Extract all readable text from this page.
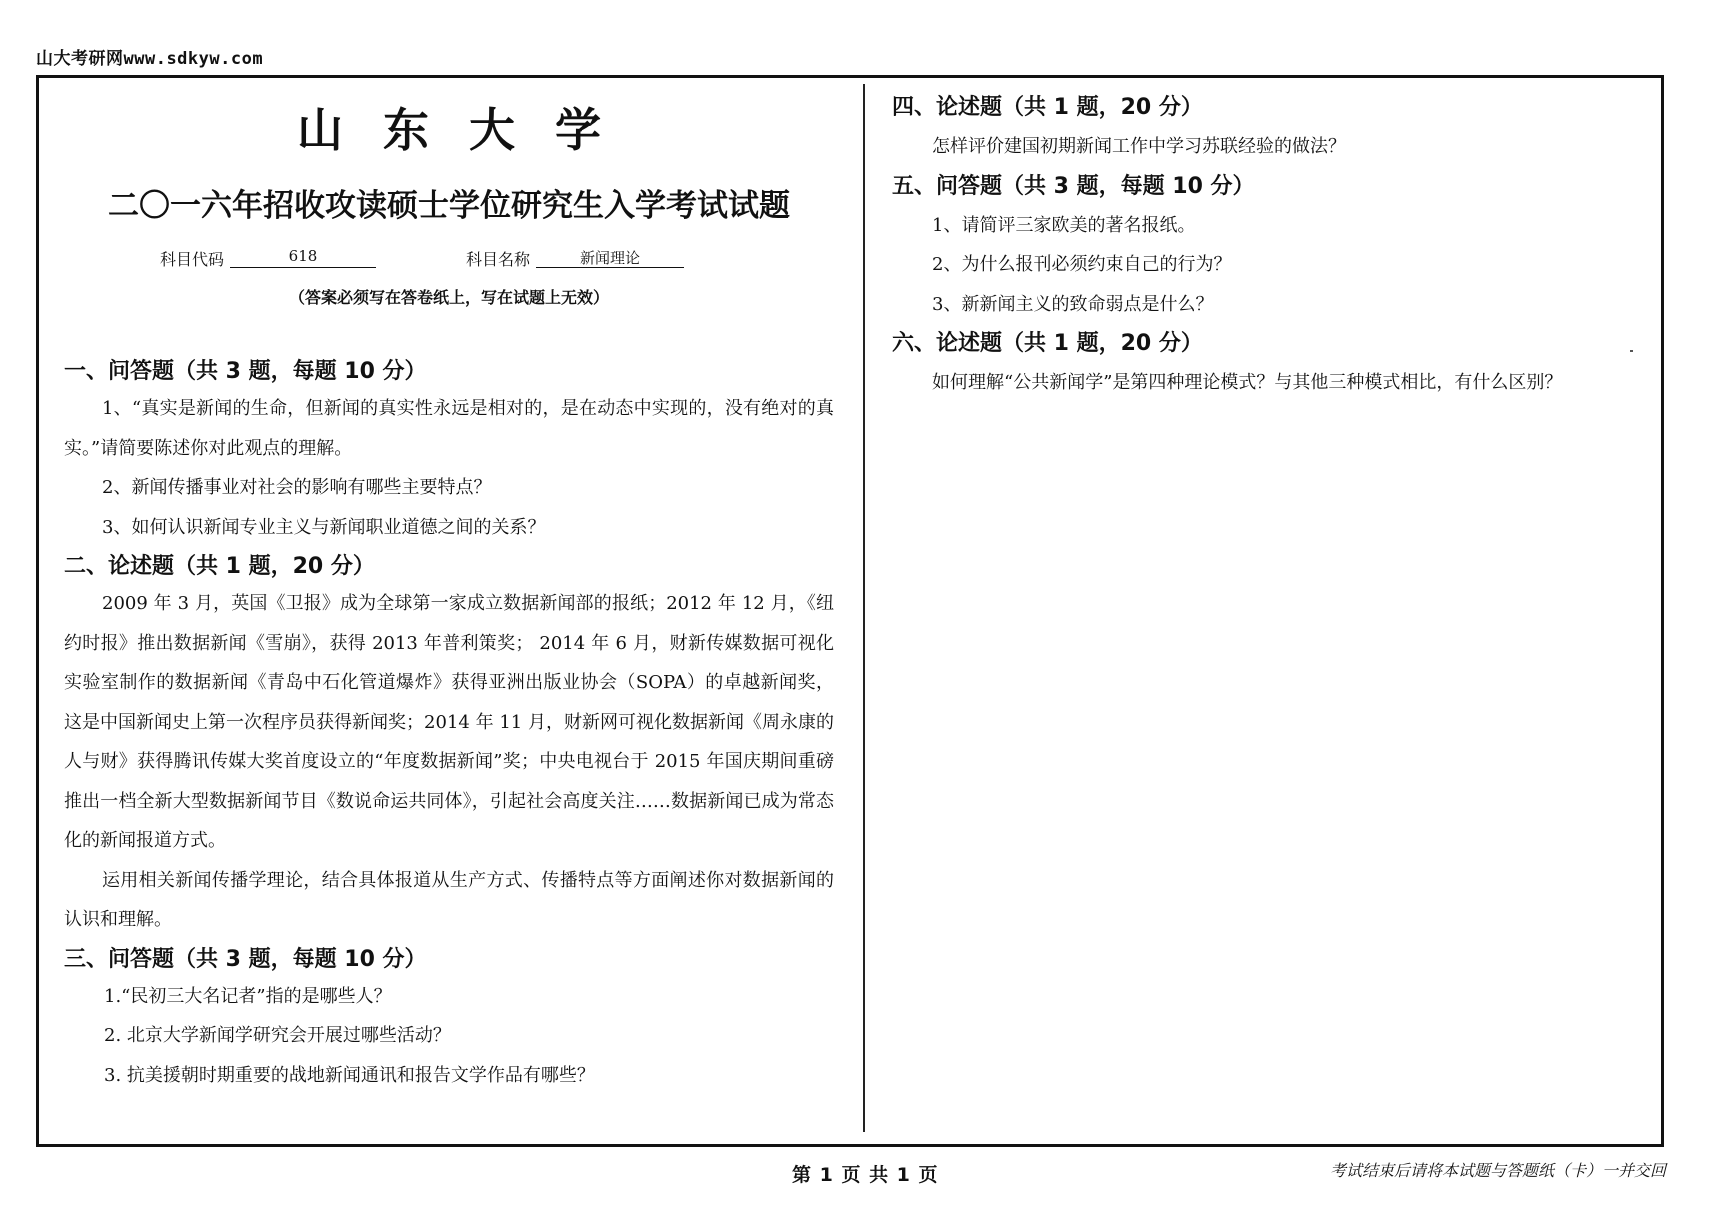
山大考研网www.sdkyw.com
山东大学
二〇一六年招收攻读硕士学位研究生入学考试试题
科目代码	618	科目名称	新闻理论
（答案必须写在答卷纸上，写在试题上无效）
一、问答题（共 3 题，每题 10 分）

1、“真实是新闻的生命，但新闻的真实性永远是相对的，是在动态中实现的，没有绝对的真实。”请简要陈述你对此观点的理解。

2、新闻传播事业对社会的影响有哪些主要特点？

3、如何认识新闻专业主义与新闻职业道德之间的关系？

二、论述题（共 1 题，20 分）

2009 年 3 月，英国《卫报》成为全球第一家成立数据新闻部的报纸；2012 年 12 月，《纽约时报》推出数据新闻《雪崩》，获得 2013 年普利策奖； 2014 年 6 月，财新传媒数据可视化实验室制作的数据新闻《青岛中石化管道爆炸》获得亚洲出版业协会（SOPA）的卓越新闻奖，这是中国新闻史上第一次程序员获得新闻奖；2014 年 11 月，财新网可视化数据新闻《周永康的人与财》获得腾讯传媒大奖首度设立的“年度数据新闻”奖；中央电视台于 2015 年国庆期间重磅推出一档全新大型数据新闻节目《数说命运共同体》，引起社会高度关注……数据新闻已成为常态化的新闻报道方式。

运用相关新闻传播学理论，结合具体报道从生产方式、传播特点等方面阐述你对数据新闻的认识和理解。

三、问答题（共 3 题，每题 10 分）

1.“民初三大名记者”指的是哪些人？

2. 北京大学新闻学研究会开展过哪些活动？

3. 抗美援朝时期重要的战地新闻通讯和报告文学作品有哪些？

四、论述题（共 1 题，20 分）

怎样评价建国初期新闻工作中学习苏联经验的做法？

五、问答题（共 3 题，每题 10 分）

1、请简评三家欧美的著名报纸。

2、为什么报刊必须约束自己的行为？

3、新新闻主义的致命弱点是什么？

六、论述题（共 1 题，20 分）

如何理解“公共新闻学”是第四种理论模式？与其他三种模式相比，有什么区别？

第 1 页 共 1 页	考试结束后请将本试题与答题纸（卡）一并交回
